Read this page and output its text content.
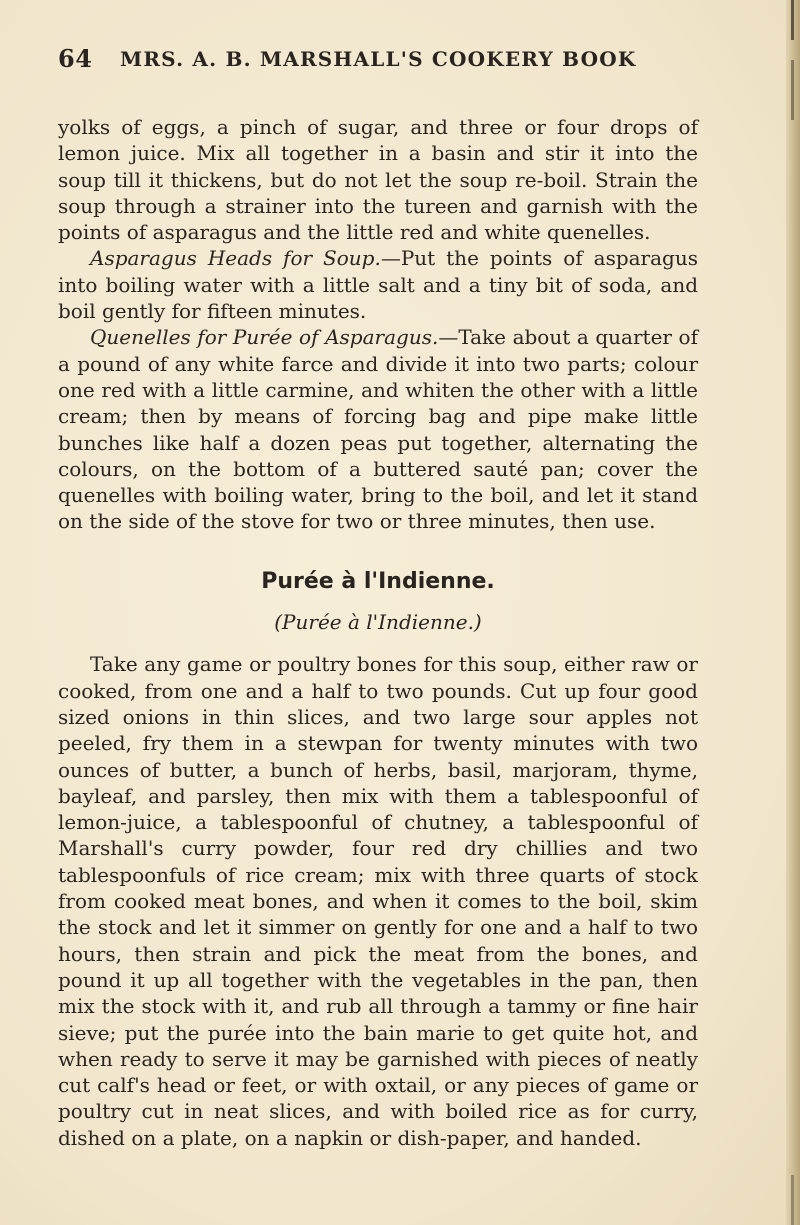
64 MRS. A. B. MARSHALL'S COOKERY BOOK

yolks of eggs, a pinch of sugar, and three or four drops of lemon juice. Mix all together in a basin and stir it into the soup till it thickens, but do not let the soup re-boil. Strain the soup through a strainer into the tureen and garnish with the points of asparagus and the little red and white quenelles.

Asparagus Heads for Soup.—Put the points of asparagus into boiling water with a little salt and a tiny bit of soda, and boil gently for fifteen minutes.

Quenelles for Purée of Asparagus.—Take about a quarter of a pound of any white farce and divide it into two parts; colour one red with a little carmine, and whiten the other with a little cream; then by means of forcing bag and pipe make little bunches like half a dozen peas put together, alternating the colours, on the bottom of a buttered sauté pan; cover the quenelles with boiling water, bring to the boil, and let it stand on the side of the stove for two or three minutes, then use.

Purée à l'Indienne.

(Purée à l'Indienne.)

Take any game or poultry bones for this soup, either raw or cooked, from one and a half to two pounds. Cut up four good sized onions in thin slices, and two large sour apples not peeled, fry them in a stewpan for twenty minutes with two ounces of butter, a bunch of herbs, basil, marjoram, thyme, bayleaf, and parsley, then mix with them a tablespoonful of lemon-juice, a tablespoonful of chutney, a tablespoonful of Marshall's curry powder, four red dry chillies and two tablespoonfuls of rice cream; mix with three quarts of stock from cooked meat bones, and when it comes to the boil, skim the stock and let it simmer on gently for one and a half to two hours, then strain and pick the meat from the bones, and pound it up all together with the vegetables in the pan, then mix the stock with it, and rub all through a tammy or fine hair sieve; put the purée into the bain marie to get quite hot, and when ready to serve it may be garnished with pieces of neatly cut calf's head or feet, or with oxtail, or any pieces of game or poultry cut in neat slices, and with boiled rice as for curry, dished on a plate, on a napkin or dish-paper, and handed.
